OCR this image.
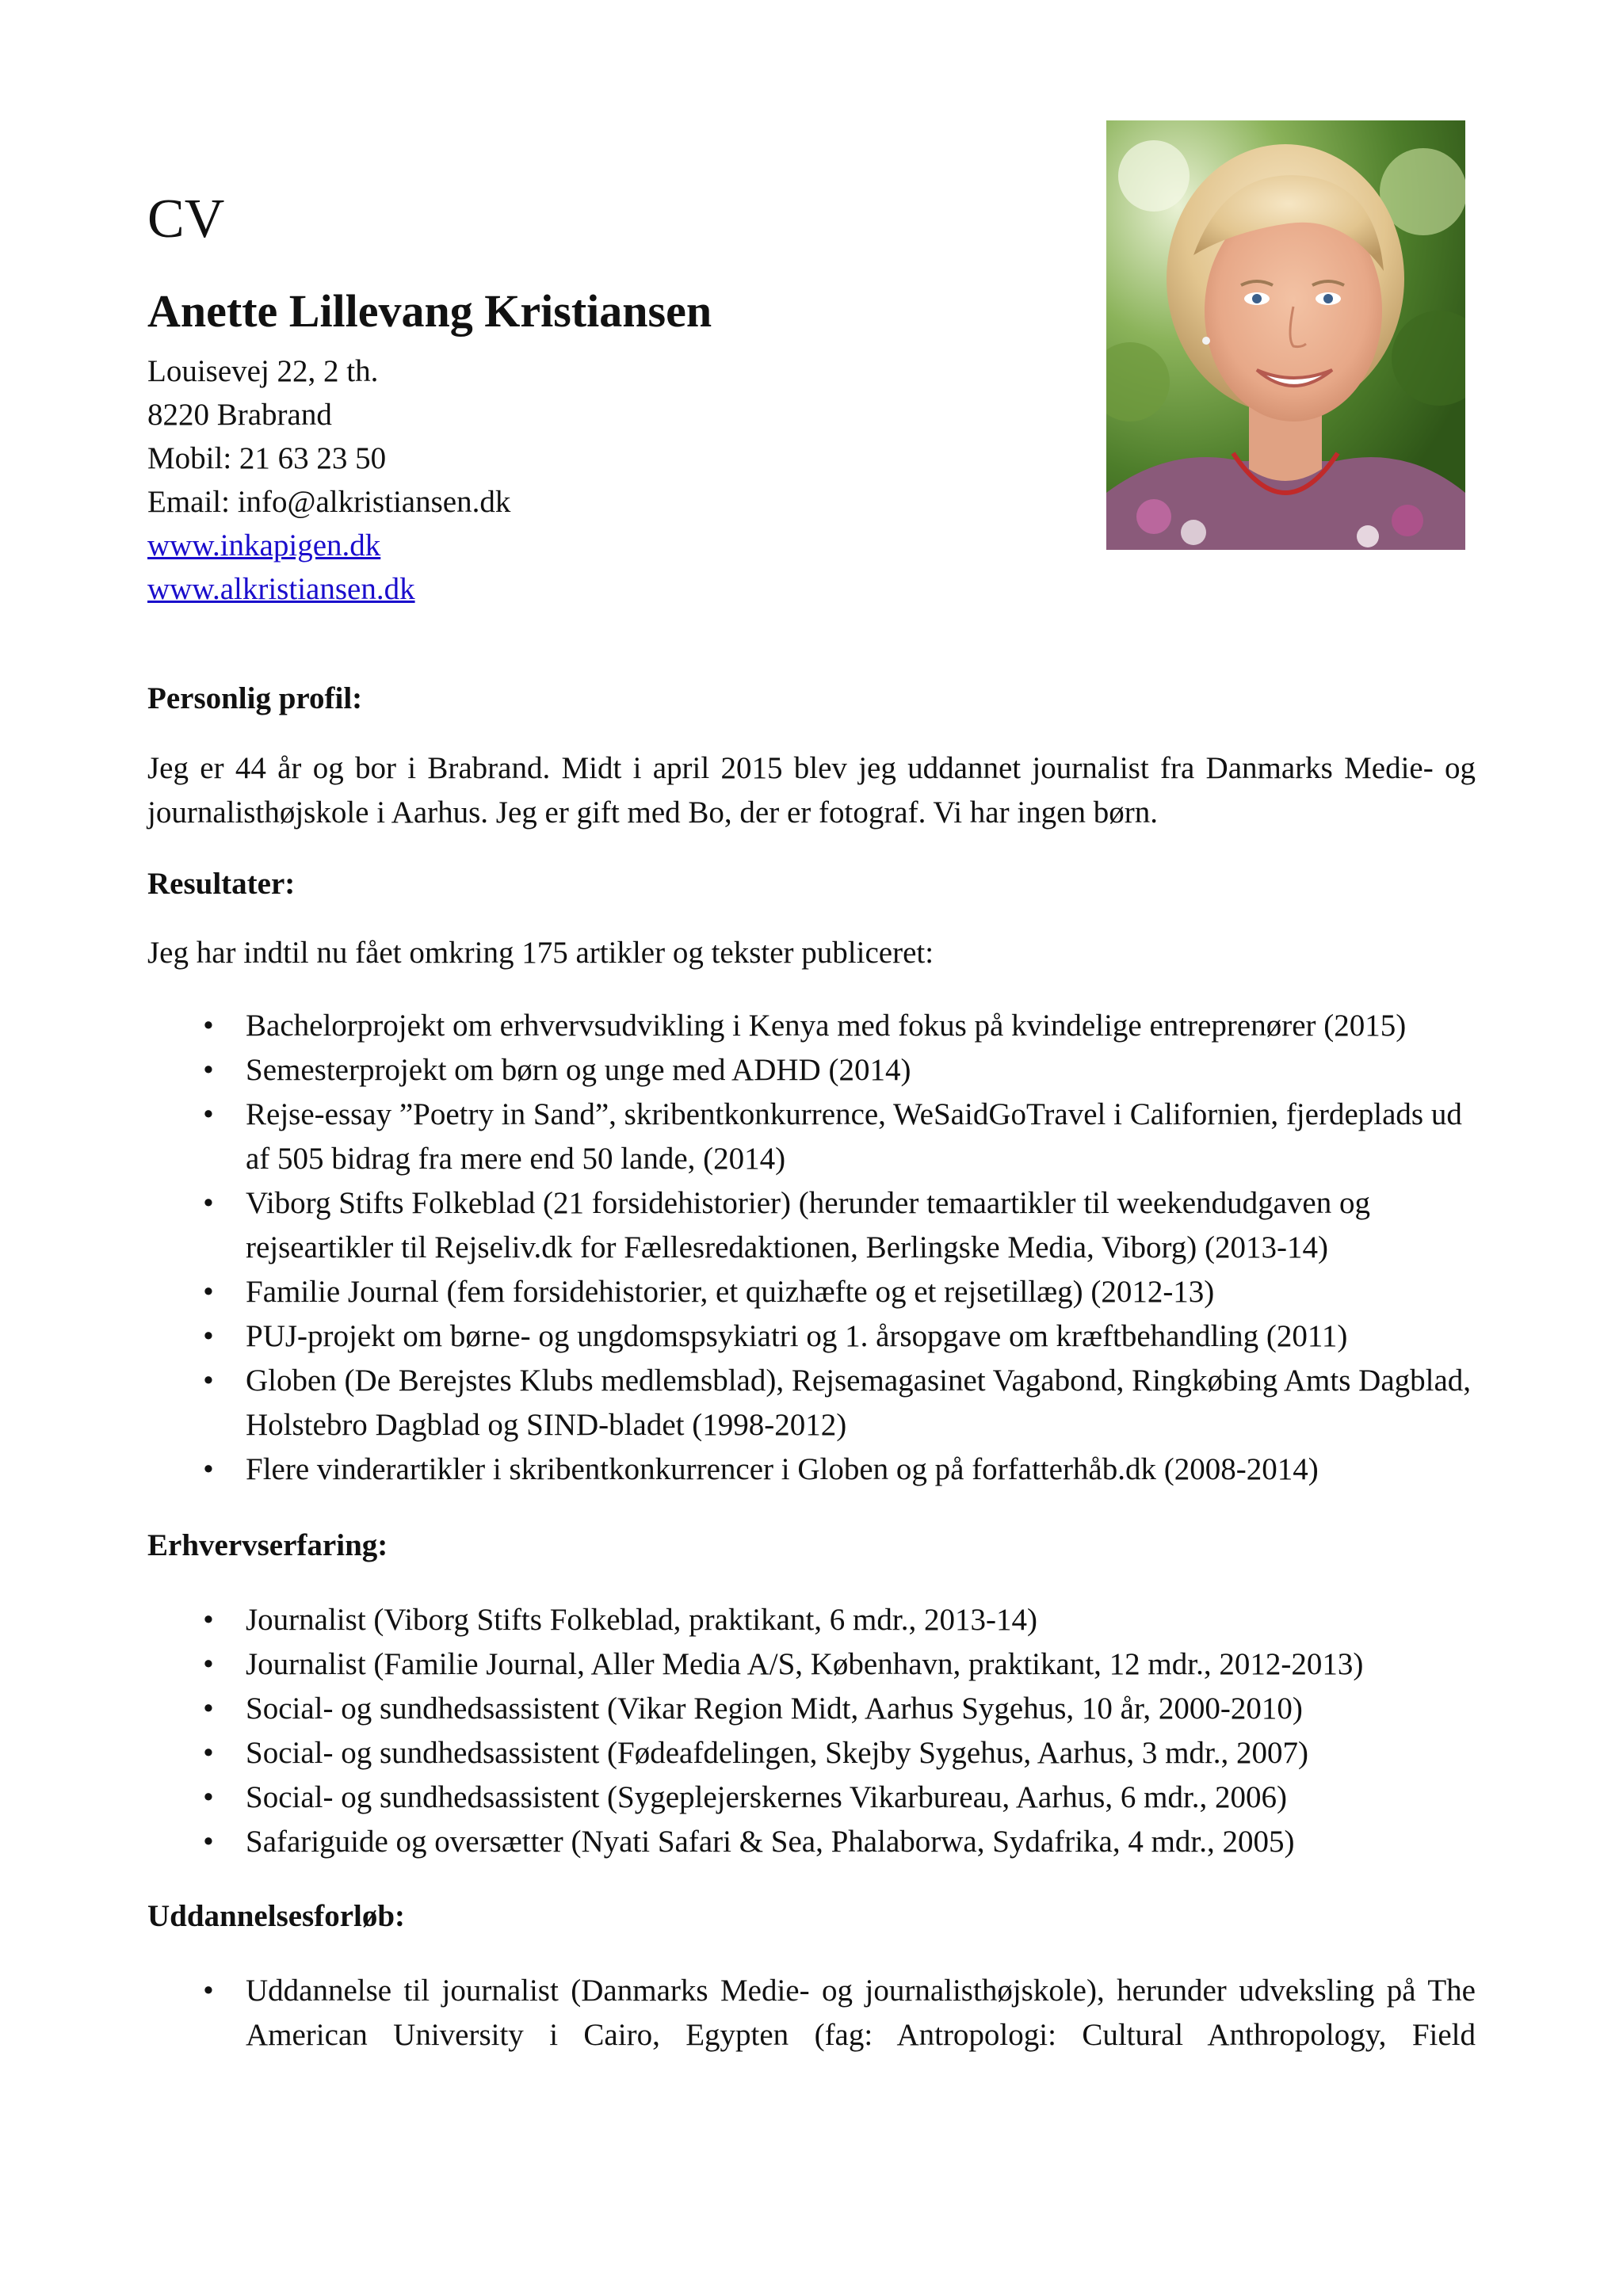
CV
Anette Lillevang Kristiansen
Louisevej 22, 2 th.
8220 Brabrand
Mobil: 21 63 23 50
Email: info@alkristiansen.dk
www.inkapigen.dk
www.alkristiansen.dk
Personlig profil:

Jeg er 44 år og bor i Brabrand. Midt i april 2015 blev jeg uddannet journalist fra Danmarks Medie- og journalisthøjskole i Aarhus. Jeg er gift med Bo, der er fotograf. Vi har ingen børn.

Resultater:

Jeg har indtil nu fået omkring 175 artikler og tekster publiceret:

• Bachelorprojekt om erhvervsudvikling i Kenya med fokus på kvindelige entreprenører (2015)
• Semesterprojekt om børn og unge med ADHD (2014)
• Rejse-essay ”Poetry in Sand”, skribentkonkurrence, WeSaidGoTravel i Californien, fjerdeplads ud af 505 bidrag fra mere end 50 lande, (2014)
• Viborg Stifts Folkeblad (21 forsidehistorier) (herunder temaartikler til weekendudgaven og rejseartikler til Rejseliv.dk for Fællesredaktionen, Berlingske Media, Viborg) (2013-14)
• Familie Journal (fem forsidehistorier, et quizhæfte og et rejsetillæg) (2012-13)
• PUJ-projekt om børne- og ungdomspsykiatri og 1. årsopgave om kræftbehandling (2011)
• Globen (De Berejstes Klubs medlemsblad), Rejsemagasinet Vagabond, Ringkøbing Amts Dagblad, Holstebro Dagblad og SIND-bladet (1998-2012)
• Flere vinderartikler i skribentkonkurrencer i Globen og på forfatterhåb.dk (2008-2014)
Erhvervserfaring:
• Journalist (Viborg Stifts Folkeblad, praktikant, 6 mdr., 2013-14)
• Journalist (Familie Journal, Aller Media A/S, København, praktikant, 12 mdr., 2012-2013)
• Social- og sundhedsassistent (Vikar Region Midt, Aarhus Sygehus, 10 år, 2000-2010)
• Social- og sundhedsassistent (Fødeafdelingen, Skejby Sygehus, Aarhus, 3 mdr., 2007)
• Social- og sundhedsassistent (Sygeplejerskernes Vikarbureau, Aarhus, 6 mdr., 2006)
• Safariguide og oversætter (Nyati Safari & Sea, Phalaborwa, Sydafrika, 4 mdr., 2005)
Uddannelsesforløb:
• Uddannelse til journalist (Danmarks Medie- og journalisthøjskole), herunder udveksling på The American University i Cairo, Egypten (fag: Antropologi: Cultural Anthropology, Field
